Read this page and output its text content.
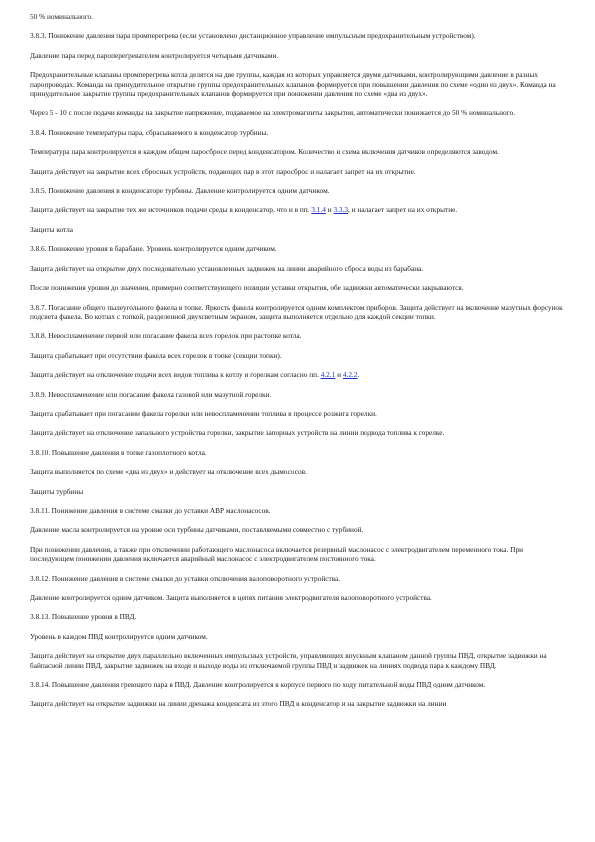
50 % номинального.

3.8.3. Понижение давления пара промперегрева (если установлено дистанционное управление импульсным предохранительным устройством).

Давление пара перед пароперегревателем контролируется четырьмя датчиками.

Предохранительные клапаны промперегрева котла делятся на две группы, каждая из которых управляется двумя датчиками, контролирующими давление в разных паропроводах. Команда на принудительное открытие группы предохранительных клапанов формируется при повышении давления по схеме «один из двух». Команда на принудительное закрытие группы предохранительных клапанов формируется при понижении давления по схеме «два из двух».

Через 5 - 10 с после подачи команды на закрытие напряжение, подаваемое на электромагниты закрытия, автоматически понижается до 50 % номинального.

3.8.4. Понижение температуры пара, сбрасываемого в конденсатор турбины.

Температура пара контролируется в каждом общем паросбросе перед конденсатором. Количество и схема включения датчиков определяются заводом.

Защита действует на закрытие всех сбросных устройств, подающих пар в этот паросброс и налагает запрет на их открытие.

3.8.5. Понижение давления в конденсаторе турбины. Давление контролируется одним датчиком.

Защита действует на закрытие тех же источников подачи среды в конденсатор, что и в пп. 3.1.4 и 3.3.3, и налагает запрет на их открытие.

Защиты котла

3.8.6. Понижение уровня в барабане. Уровень контролируется одним датчиком.

Защита действует на открытие двух последовательно установленных задвижек на линии аварийного сброса воды из барабана.

После понижения уровня до значения, примерно соответствующего позиции уставки открытия, обе задвижки автоматически закрываются.

3.8.7. Погасание общего пылеугольного факела в топке. Яркость факела контролируется одним комплектом приборов. Защита действует на включение мазутных форсунок подсвета факела. Во котлах с топкой, разделенной двухсветным экраном, защита выполняется отдельно для каждой секции топки.

3.8.8. Невоспламенение первой или погасание факела всех горелок при растопке котла.

Защита срабатывает при отсутствии факела всех горелок в топке (секции топки).

Защита действует на отключение подачи всех видов топлива к котлу и горелкам согласно пп. 4.2.1 и 4.2.2.

3.8.9. Невоспламенение или погасание факела газовой или мазутной горелки.

Защита срабатывает при погасании факела горелки или невоспламенении топлива в процессе розжига горелки.

Защита действует на отключение запального устройства горелки, закрытие запорных устройств на линии подвода топлива к горелке.

3.8.10. Повышение давления в топке газоплотного котла.

Защита выполняется по схеме «два из двух» и действует на отключение всех дымососов.

Защиты турбины

3.8.11. Понижение давления в системе смазки до уставки АВР маслонасосов.

Давление масла контролируется на уровне оси турбины датчиками, поставляемыми совместно с турбиной.

При понижении давления, а также при отключении работающего маслонасоса включается резервный маслонасос с электродвигателем переменного тока. При последующем понижении давления включается аварийный маслонасос с электродвигателем постоянного тока.

3.8.12. Понижение давления в системе смазки до уставки отключения валоповоротного устройства.

Давление контролируется одним датчиком. Защита выполняется в цепях питания электродвигателя валоповоротного устройства.

3.8.13. Повышение уровня в ПВД.

Уровень в каждом ПВД контролируется одним датчиком.

Защита действует на открытие двух параллельно включенных импульсных устройств, управляющих впускным клапаном данной группы ПВД, открытие задвижки на байпасной линии ПВД, закрытие задвижек на входе и выходе воды из отключаемой группы ПВД и задвижек на линиях подвода пара к каждому ПВД.

3.8.14. Повышение давления греющего пара в ПВД. Давление контролируется в корпусе первого по ходу питательной воды ПВД одним датчиком.

Защита действует на открытие задвижки на линии дренажа конденсата из этого ПВД в конденсатор и на закрытие задвижки на линии
